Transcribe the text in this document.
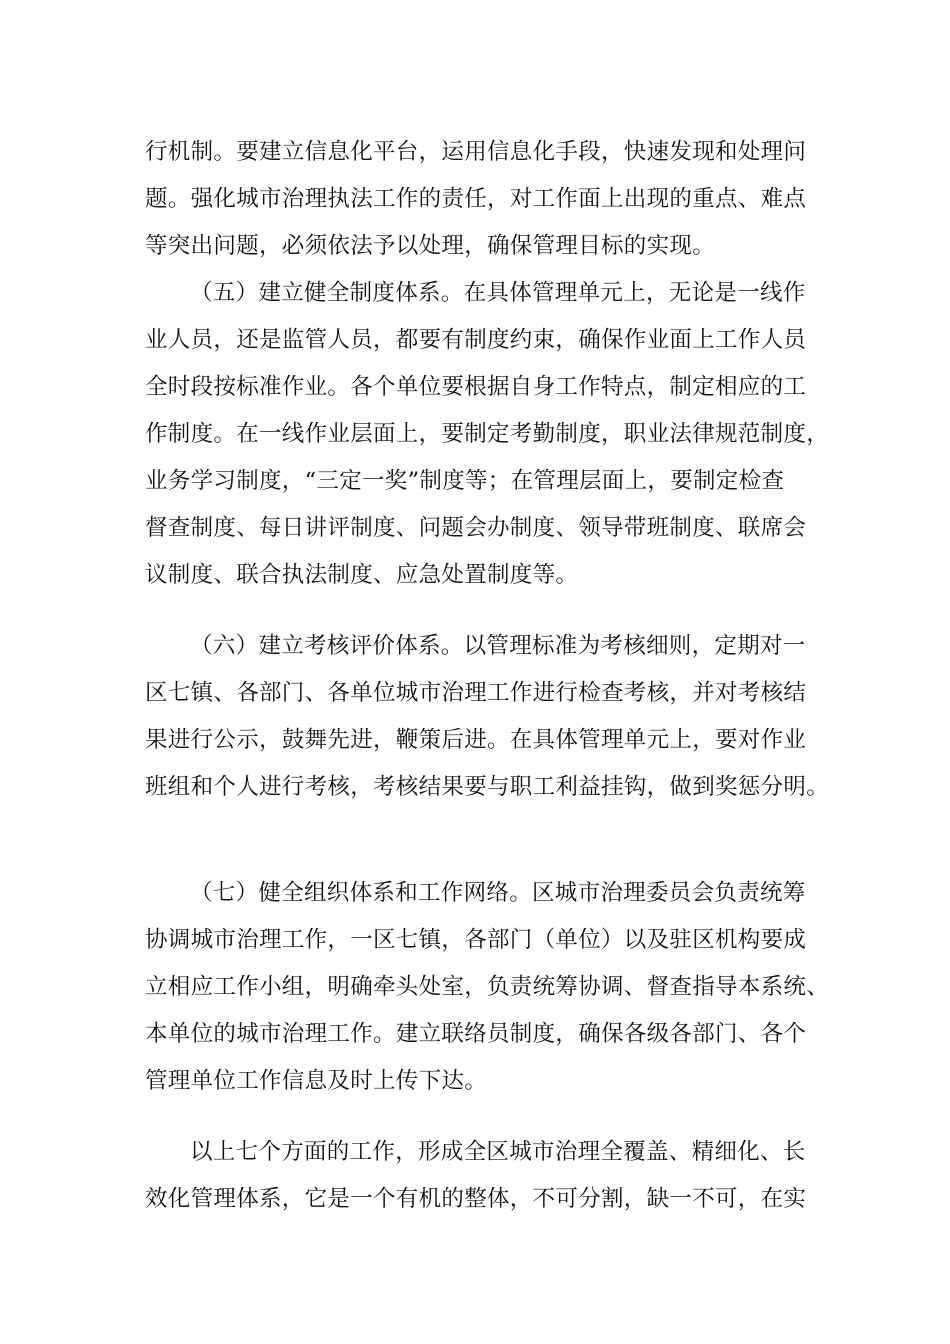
行机制。要建立信息化平台，运用信息化手段，快速发现和处理问
题。强化城市治理执法工作的责任，对工作面上出现的重点、难点
等突出问题，必须依法予以处理，确保管理目标的实现。
（五）建立健全制度体系。在具体管理单元上，无论是一线作
业人员，还是监管人员，都要有制度约束，确保作业面上工作人员
全时段按标准作业。各个单位要根据自身工作特点，制定相应的工
作制度。在一线作业层面上，要制定考勤制度，职业法律规范制度，
业务学习制度，“三定一奖”制度等；在管理层面上，要制定检查
督查制度、每日讲评制度、问题会办制度、领导带班制度、联席会
议制度、联合执法制度、应急处置制度等。
（六）建立考核评价体系。以管理标准为考核细则，定期对一
区七镇、各部门、各单位城市治理工作进行检查考核，并对考核结
果进行公示，鼓舞先进，鞭策后进。在具体管理单元上，要对作业
班组和个人进行考核，考核结果要与职工利益挂钩，做到奖惩分明。
（七）健全组织体系和工作网络。区城市治理委员会负责统筹
协调城市治理工作，一区七镇，各部门（单位）以及驻区机构要成
立相应工作小组，明确牵头处室，负责统筹协调、督查指导本系统、
本单位的城市治理工作。建立联络员制度，确保各级各部门、各个
管理单位工作信息及时上传下达。
以上七个方面的工作，形成全区城市治理全覆盖、精细化、长
效化管理体系，它是一个有机的整体，不可分割，缺一不可，在实
